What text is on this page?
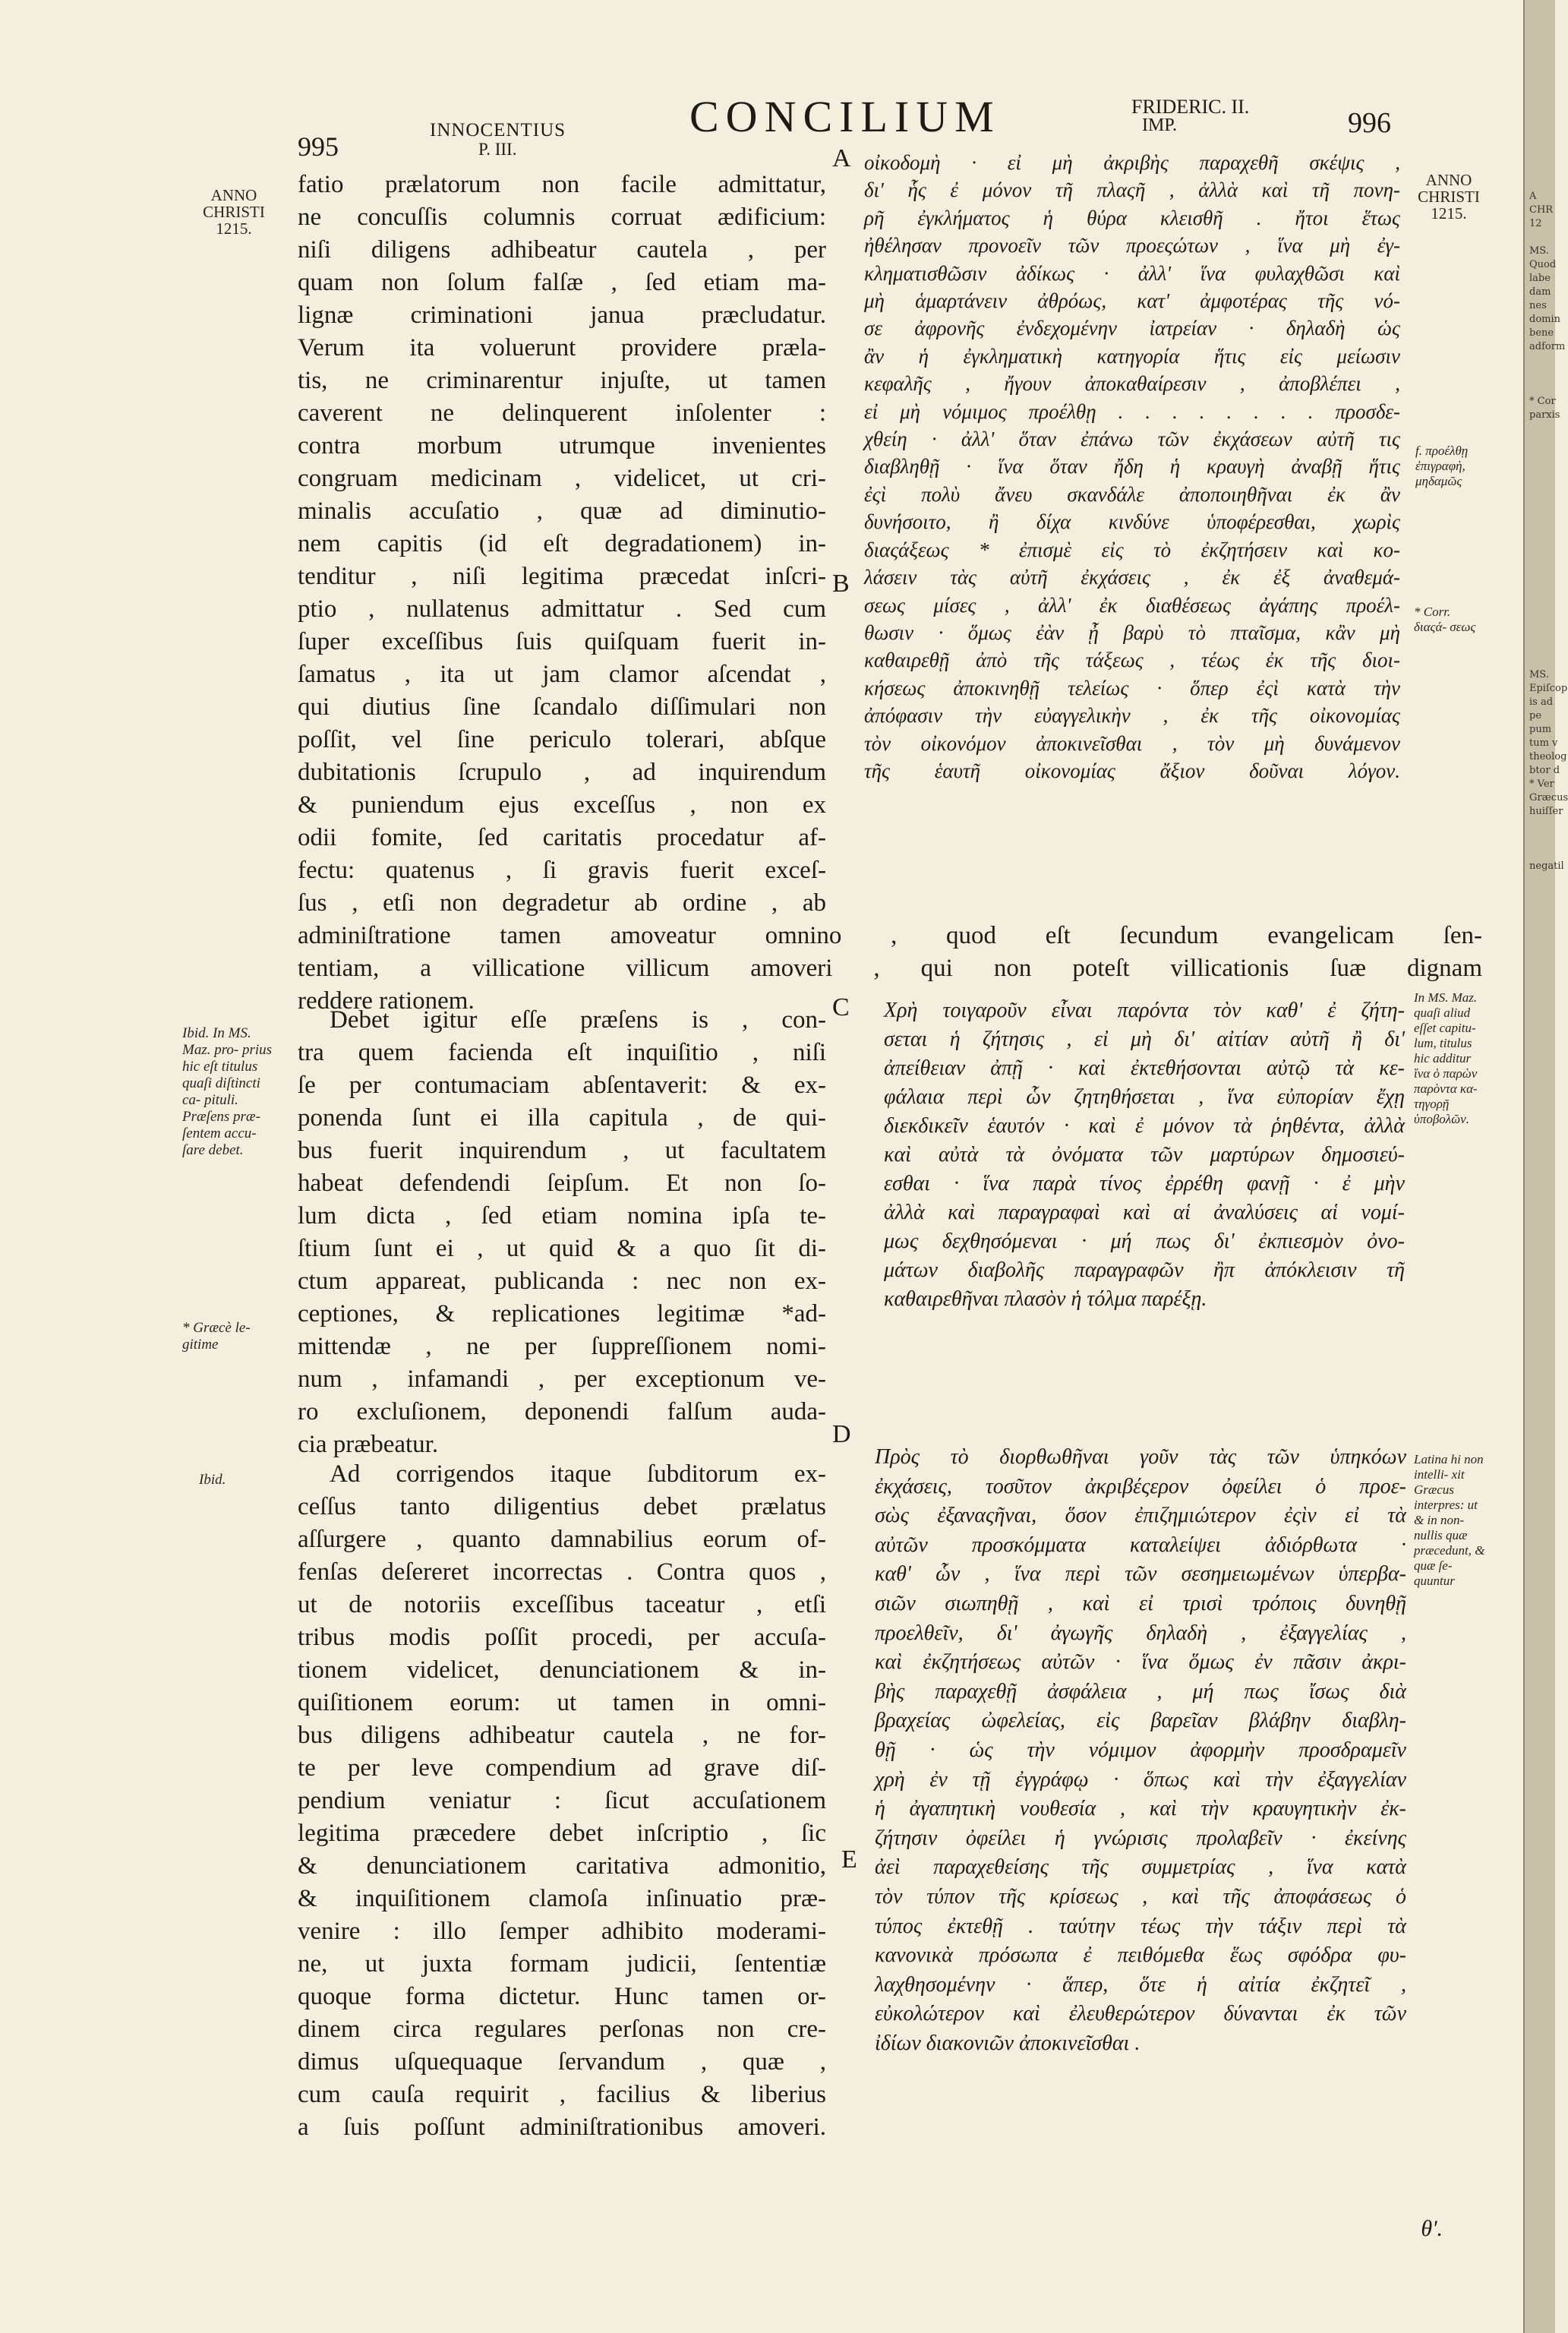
995
INNOCENTIUS
P. III.
CONCILIUM	FRIDERIC. II.
IMP.	996
ANNO CHRISTI 1215.
ANNO CHRISTI 1215.
A
B
C
D
E
fatio prælatorum non facile admittatur,
ne concuſſis columnis corruat ædificium:
niſi diligens adhibeatur cautela , per
quam non ſolum falſæ , ſed etiam ma-
lignæ criminationi janua præcludatur.
Verum ita voluerunt providere præla-
tis, ne criminarentur injuſte, ut tamen
caverent ne delinquerent inſolenter :
contra morbum utrumque invenientes
congruam medicinam , videlicet, ut cri-
minalis accuſatio , quæ ad diminutio-
nem capitis (id eſt degradationem) in-
tenditur , niſi legitima præcedat inſcri-
ptio , nullatenus admittatur . Sed cum
ſuper exceſſibus ſuis quiſquam fuerit in-
ſamatus , ita ut jam clamor aſcendat ,
qui diutius ſine ſcandalo diſſimulari non
poſſit, vel ſine periculo tolerari, abſque
dubitationis ſcrupulo , ad inquirendum
& puniendum ejus exceſſus , non ex
odii fomite, ſed caritatis procedatur af-
fectu: quatenus , ſi gravis fuerit exceſ-
ſus , etſi non degradetur ab ordine , ab
οἰκοδομὴ · εἰ μὴ ἀκριβὴς παραχεθῆ σκέψις ,
δι' ἧς ἐ μόνον τῆ πλαςῆ , ἀλλὰ καὶ τῆ πονη-
ρῆ ἐγκλήματος ἡ θύρα κλεισθῆ . ἤτοι ἕτως
ἠθέλησαν προνοεῖν τῶν προεςώτων , ἵνα μὴ ἐγ-
κληματισθῶσιν ἀδίκως · ἀλλ' ἵνα φυλαχθῶσι καὶ
μὴ ἁμαρτάνειν ἀθρόως, κατ' ἀμφοτέρας τῆς νό-
σε ἀφρονῆς ἐνδεχομένην ἰατρείαν · δηλαδὴ ὡς
ἂν ἡ ἐγκληματικὴ κατηγορία ἥτις εἰς μείωσιν
κεφαλῆς , ἤγουν ἀποκαθαίρεσιν , ἀποβλέπει ,
εἰ μὴ νόμιμος προέλθῃ . . . . . . . . προσδε-
χθείη · ἀλλ' ὅταν ἐπάνω τῶν ἐκχάσεων αὐτῆ τις
διαβληθῇ · ἵνα ὅταν ἤδη ἡ κραυγὴ ἀναβῇ ἥτις
ἐςὶ πολὺ ἄνευ σκανδάλε ἀποποιηθῆναι ἐκ ἂν
δυνήσοιτο, ἢ δίχα κινδύνε ὑποφέρεσθαι, χωρὶς
διαςάξεως * ἐπισμὲ εἰς τὸ ἐκζητήσειν καὶ κο-
λάσειν τὰς αὐτῆ ἐκχάσεις , ἐκ ἐξ ἀναθεμά-
σεως μίσες , ἀλλ' ἐκ διαθέσεως ἀγάπης προέλ-
θωσιν · ὅμως ἐὰν ᾖ βαρὺ τὸ πταῖσμα, κἂν μὴ
καθαιρεθῇ ἀπὸ τῆς τάξεως , τέως ἐκ τῆς διοι-
κήσεως ἀποκινηθῇ τελείως · ὅπερ ἐςὶ κατὰ τὴν
ἀπόφασιν τὴν εὐαγγελικὴν , ἐκ τῆς οἰκονομίας
τὸν οἰκονόμον ἀποκινεῖσθαι , τὸν μὴ δυνάμενον
τῆς ἑαυτῆ οἰκονομίας ἄξιον δοῦναι λόγον.
adminiſtratione tamen amoveatur omnino , quod eſt ſecundum evangelicam ſen-
tentiam, a villicatione villicum amoveri , qui non poteſt villicationis ſuæ dignam
reddere rationem.
Debet igitur eſſe præſens is , con-
tra quem facienda eſt inquiſitio , niſi
ſe per contumaciam abſentaverit: & ex-
ponenda ſunt ei illa capitula , de qui-
bus fuerit inquirendum , ut facultatem
habeat defendendi ſeipſum. Et non ſo-
lum dicta , ſed etiam nomina ipſa te-
ſtium ſunt ei , ut quid & a quo ſit di-
ctum appareat, publicanda : nec non ex-
ceptiones, & replicationes legitimæ *ad-
mittendæ , ne per ſuppreſſionem nomi-
num , infamandi , per exceptionum ve-
ro excluſionem, deponendi falſum auda-
cia præbeatur.
Χρὴ τοιγαροῦν εἶναι παρόντα τὸν καθ' ἐ ζήτη-
σεται ἡ ζήτησις , εἰ μὴ δι' αἰτίαν αὐτῆ ἢ δι'
ἀπείθειαν ἀπῇ · καὶ ἐκτεθήσονται αὐτῷ τὰ κε-
φάλαια περὶ ὧν ζητηθήσεται , ἵνα εὐπορίαν ἔχῃ
διεκδικεῖν ἑαυτόν · καὶ ἐ μόνον τὰ ῥηθέντα, ἀλλὰ
καὶ αὐτὰ τὰ ὀνόματα τῶν μαρτύρων δημοσιεύ-
εσθαι · ἵνα παρὰ τίνος ἐρρέθη φανῇ · ἐ μὴν
ἀλλὰ καὶ παραγραφαὶ καὶ αἱ ἀναλύσεις αἱ νομί-
μως δεχθησόμεναι · μή πως δι' ἐκπιεσμὸν ὀνο-
μάτων διαβολῆς παραγραφῶν ἢπ ἀπόκλεισιν τῆ
καθαιρεθῆναι πλασὸν ἡ τόλμα παρέξῃ.
Ad corrigendos itaque ſubditorum ex-
ceſſus tanto diligentius debet prælatus
aſſurgere , quanto damnabilius eorum of-
fenſas deſereret incorrectas . Contra quos ,
ut de notoriis exceſſibus taceatur , etſi
tribus modis poſſit procedi, per accuſa-
tionem videlicet, denunciationem & in-
quiſitionem eorum: ut tamen in omni-
bus diligens adhibeatur cautela , ne for-
te per leve compendium ad grave diſ-
pendium veniatur : ſicut accuſationem
legitima præcedere debet inſcriptio , ſic
& denunciationem caritativa admonitio,
& inquiſitionem clamoſa inſinuatio præ-
venire : illo ſemper adhibito moderami-
ne, ut juxta formam judicii, ſententiæ
quoque forma dictetur. Hunc tamen or-
dinem circa regulares perſonas non cre-
dimus uſquequaque ſervandum , quæ ,
cum cauſa requirit , facilius & liberius
a ſuis poſſunt adminiſtrationibus amoveri.
Πρὸς τὸ διορθωθῆναι γοῦν τὰς τῶν ὑπηκόων
ἐκχάσεις, τοσῦτον ἀκριβέςερον ὀφείλει ὁ προε-
σὼς ἐξαναςῆναι, ὅσον ἐπιζημιώτερον ἐςὶν εἰ τὰ
αὐτῶν προσκόμματα καταλείψει ἀδιόρθωτα ·
καθ' ὧν , ἵνα περὶ τῶν σεσημειωμένων ὑπερβα-
σιῶν σιωπηθῇ , καὶ εἰ τρισὶ τρόποις δυνηθῇ
προελθεῖν, δι' ἀγωγῆς δηλαδὴ , ἐξαγγελίας ,
καὶ ἐκζητήσεως αὐτῶν · ἵνα ὅμως ἐν πᾶσιν ἀκρι-
βὴς παραχεθῇ ἀσφάλεια , μή πως ἴσως διὰ
βραχείας ὠφελείας, εἰς βαρεῖαν βλάβην διαβλη-
θῇ · ὡς τὴν νόμιμον ἀφορμὴν προσδραμεῖν
χρὴ ἐν τῇ ἐγγράφῳ · ὅπως καὶ τὴν ἐξαγγελίαν
ἡ ἀγαπητικὴ νουθεσία , καὶ τὴν κραυγητικὴν ἐκ-
ζήτησιν ὀφείλει ἡ γνώρισις προλαβεῖν · ἐκείνης
ἀεὶ παραχεθείσης τῆς συμμετρίας , ἵνα κατὰ
τὸν τύπον τῆς κρίσεως , καὶ τῆς ἀποφάσεως ὁ
τύπος ἐκτεθῇ . ταύτην τέως τὴν τάξιν περὶ τὰ
κανονικὰ πρόσωπα ἐ πειθόμεθα ἕως σφόδρα φυ-
λαχθησομένην · ἅπερ, ὅτε ἡ αἰτία ἐκζητεῖ ,
εὐκολώτερον καὶ ἐλευθερώτερον δύνανται ἐκ τῶν
ἰδίων διακονιῶν ἀποκινεῖσθαι .
Ibid. In MS. Maz. pro- prius hic eſt titulus quaſi diſtincti ca- pituli. Præſens præ- ſentem accu- ſare debet.
* Græcè le- gitime
Ibid.
f. προέλθῃ ἐπιγραφὴ, μηδαμῶς
* Corr. διαςά- σεως
In MS. Maz. quaſi aliud eſſet capitu- lum, titulus hic additur ἵνα ὁ παρὼν παρὸντα κα- τηγορῇ ὑποβολῶν.
Latina hi non intelli- xit Græcus interpres: ut & in non- nullis quæ præcedunt, & quæ ſe- quuntur
θ'.
A
CHR
12

MS.
Quod
labe
dam
nes
domin
bene
adform

* Cor
parxis

MS.
Epiſcop
is ad
pe
pum
tum v
theolog
btor d
* Ver
Græcus
huiſſer

negatil
